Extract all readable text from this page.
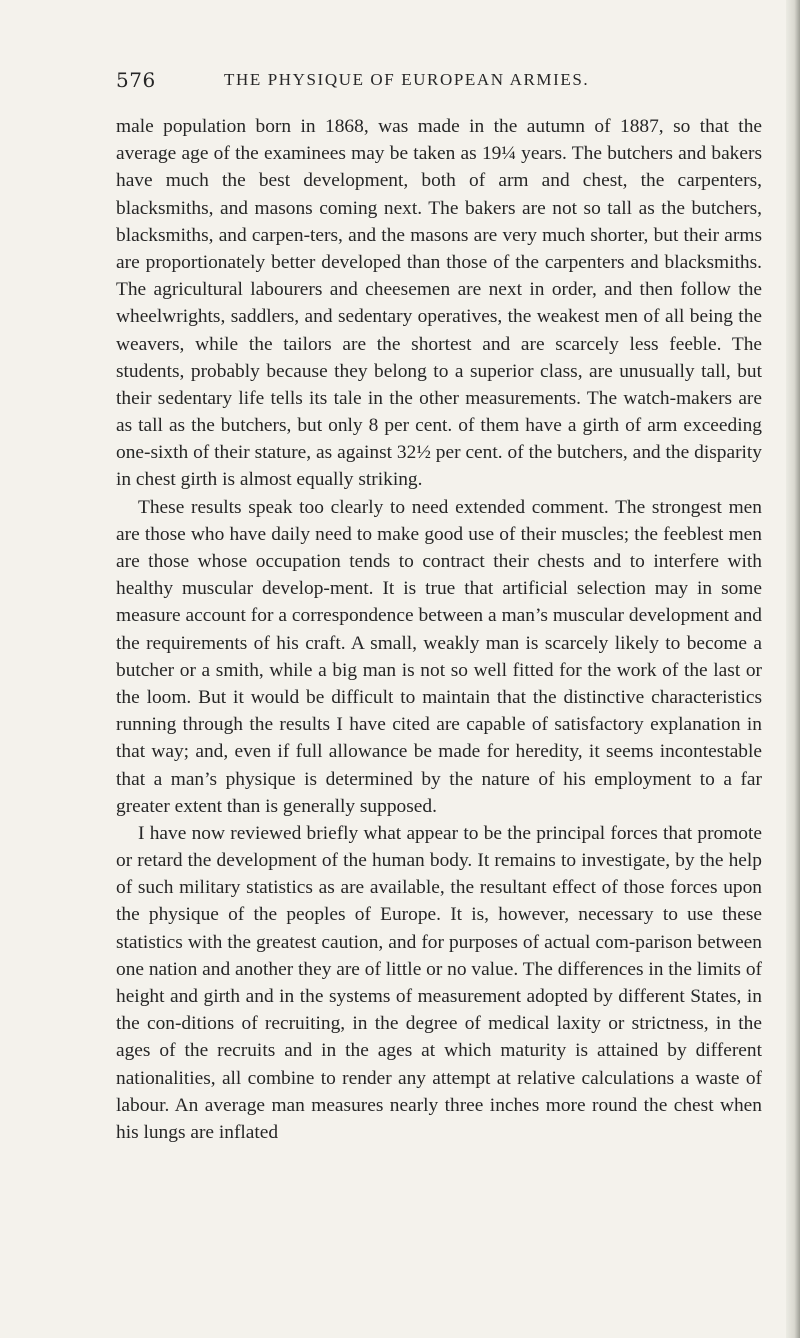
576	THE PHYSIQUE OF EUROPEAN ARMIES.

male population born in 1868, was made in the autumn of 1887, so that the average age of the examinees may be taken as 19¼ years. The butchers and bakers have much the best development, both of arm and chest, the carpenters, blacksmiths, and masons coming next. The bakers are not so tall as the butchers, blacksmiths, and carpen-ters, and the masons are very much shorter, but their arms are proportionately better developed than those of the carpenters and blacksmiths. The agricultural labourers and cheesemen are next in order, and then follow the wheelwrights, saddlers, and sedentary operatives, the weakest men of all being the weavers, while the tailors are the shortest and are scarcely less feeble. The students, probably because they belong to a superior class, are unusually tall, but their sedentary life tells its tale in the other measurements. The watch-makers are as tall as the butchers, but only 8 per cent. of them have a girth of arm exceeding one-sixth of their stature, as against 32½ per cent. of the butchers, and the disparity in chest girth is almost equally striking.

These results speak too clearly to need extended comment. The strongest men are those who have daily need to make good use of their muscles; the feeblest men are those whose occupation tends to contract their chests and to interfere with healthy muscular develop-ment. It is true that artificial selection may in some measure account for a correspondence between a man’s muscular development and the requirements of his craft. A small, weakly man is scarcely likely to become a butcher or a smith, while a big man is not so well fitted for the work of the last or the loom. But it would be difficult to maintain that the distinctive characteristics running through the results I have cited are capable of satisfactory explanation in that way; and, even if full allowance be made for heredity, it seems incontestable that a man’s physique is determined by the nature of his employment to a far greater extent than is generally supposed.

I have now reviewed briefly what appear to be the principal forces that promote or retard the development of the human body. It remains to investigate, by the help of such military statistics as are available, the resultant effect of those forces upon the physique of the peoples of Europe. It is, however, necessary to use these statistics with the greatest caution, and for purposes of actual com-parison between one nation and another they are of little or no value. The differences in the limits of height and girth and in the systems of measurement adopted by different States, in the con-ditions of recruiting, in the degree of medical laxity or strictness, in the ages of the recruits and in the ages at which maturity is attained by different nationalities, all combine to render any attempt at relative calculations a waste of labour. An average man measures nearly three inches more round the chest when his lungs are inflated
